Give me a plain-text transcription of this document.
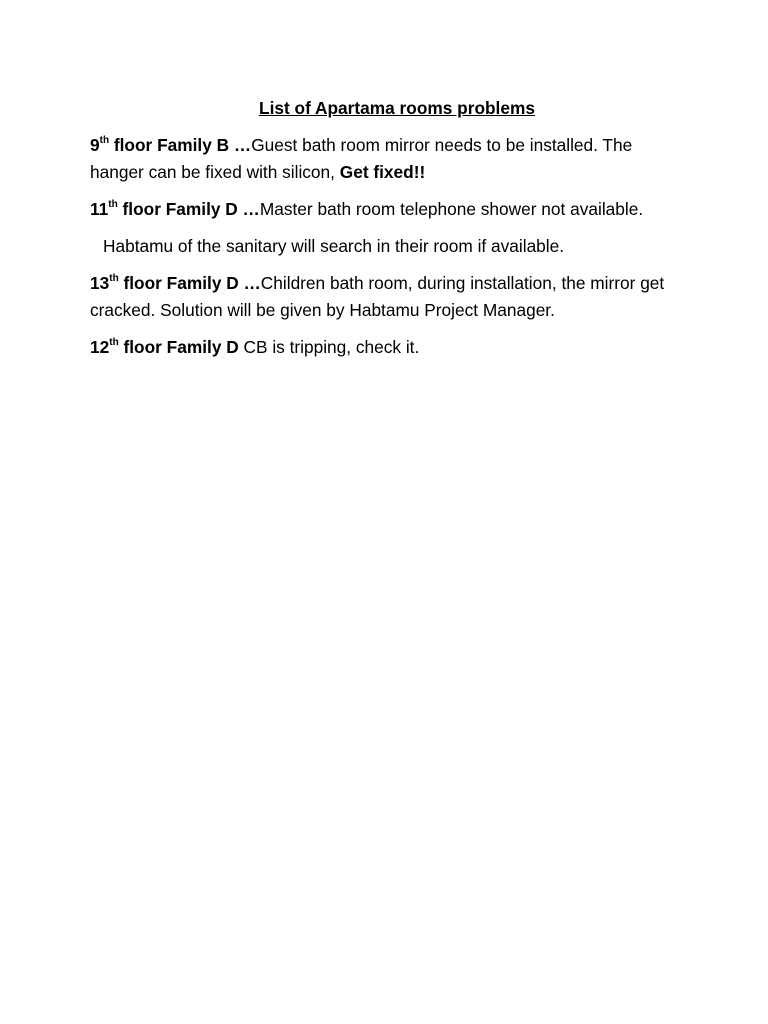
List of Apartama rooms problems

9th floor Family B …Guest bath room mirror needs to be installed. The hanger can be fixed with silicon, Get fixed!!

11th floor Family D …Master bath room telephone shower not available.

Habtamu of the sanitary will search in their room if available.

13th floor Family D …Children bath room, during installation, the mirror get cracked. Solution will be given by Habtamu Project Manager.

12th floor Family D CB is tripping, check it.
